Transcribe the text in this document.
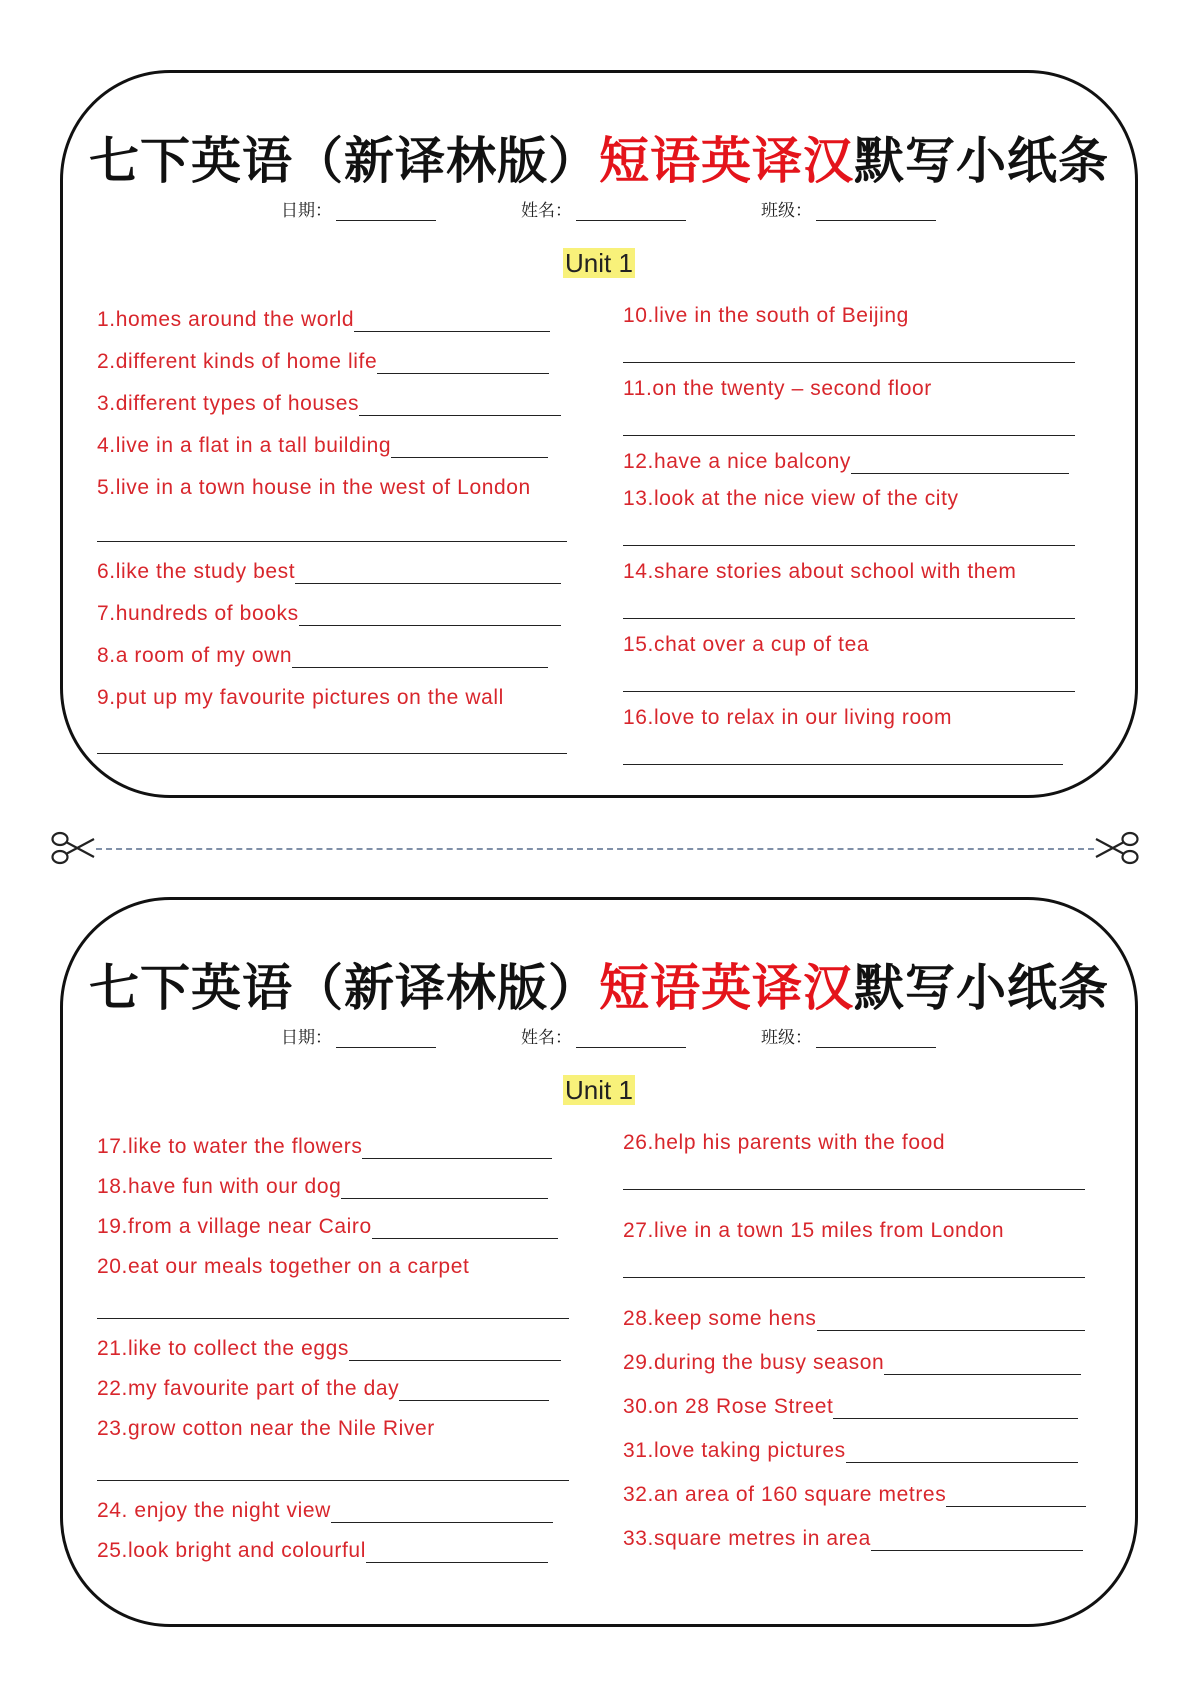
七下英语（新译林版）短语英译汉默写小纸条
日期：	姓名：	班级：
Unit 1
1.homes around the world
2.different kinds of home life
3.different types of houses
4.live in a flat in a tall building
5.live in a town house in the west of London
6.like the study best
7.hundreds of books
8.a room of my own
9.put up my favourite pictures on the wall
10.live in the south of Beijing
11.on the twenty – second floor
12.have a nice balcony
13.look at the nice view of the city
14.share stories about school with them
15.chat over a cup of tea
16.love to relax in our living room
七下英语（新译林版）短语英译汉默写小纸条
日期：	姓名：	班级：
Unit 1
17.like to water the flowers
18.have fun with our dog
19.from a village near Cairo
20.eat our meals together on a carpet
21.like to collect the eggs
22.my favourite part of the day
23.grow cotton near the Nile River
24. enjoy the night view
25.look bright and colourful
26.help his parents with the food
27.live in a town 15 miles from London
28.keep some hens
29.during the busy season
30.on 28 Rose Street
31.love taking pictures
32.an area of 160 square metres
33.square metres in area
